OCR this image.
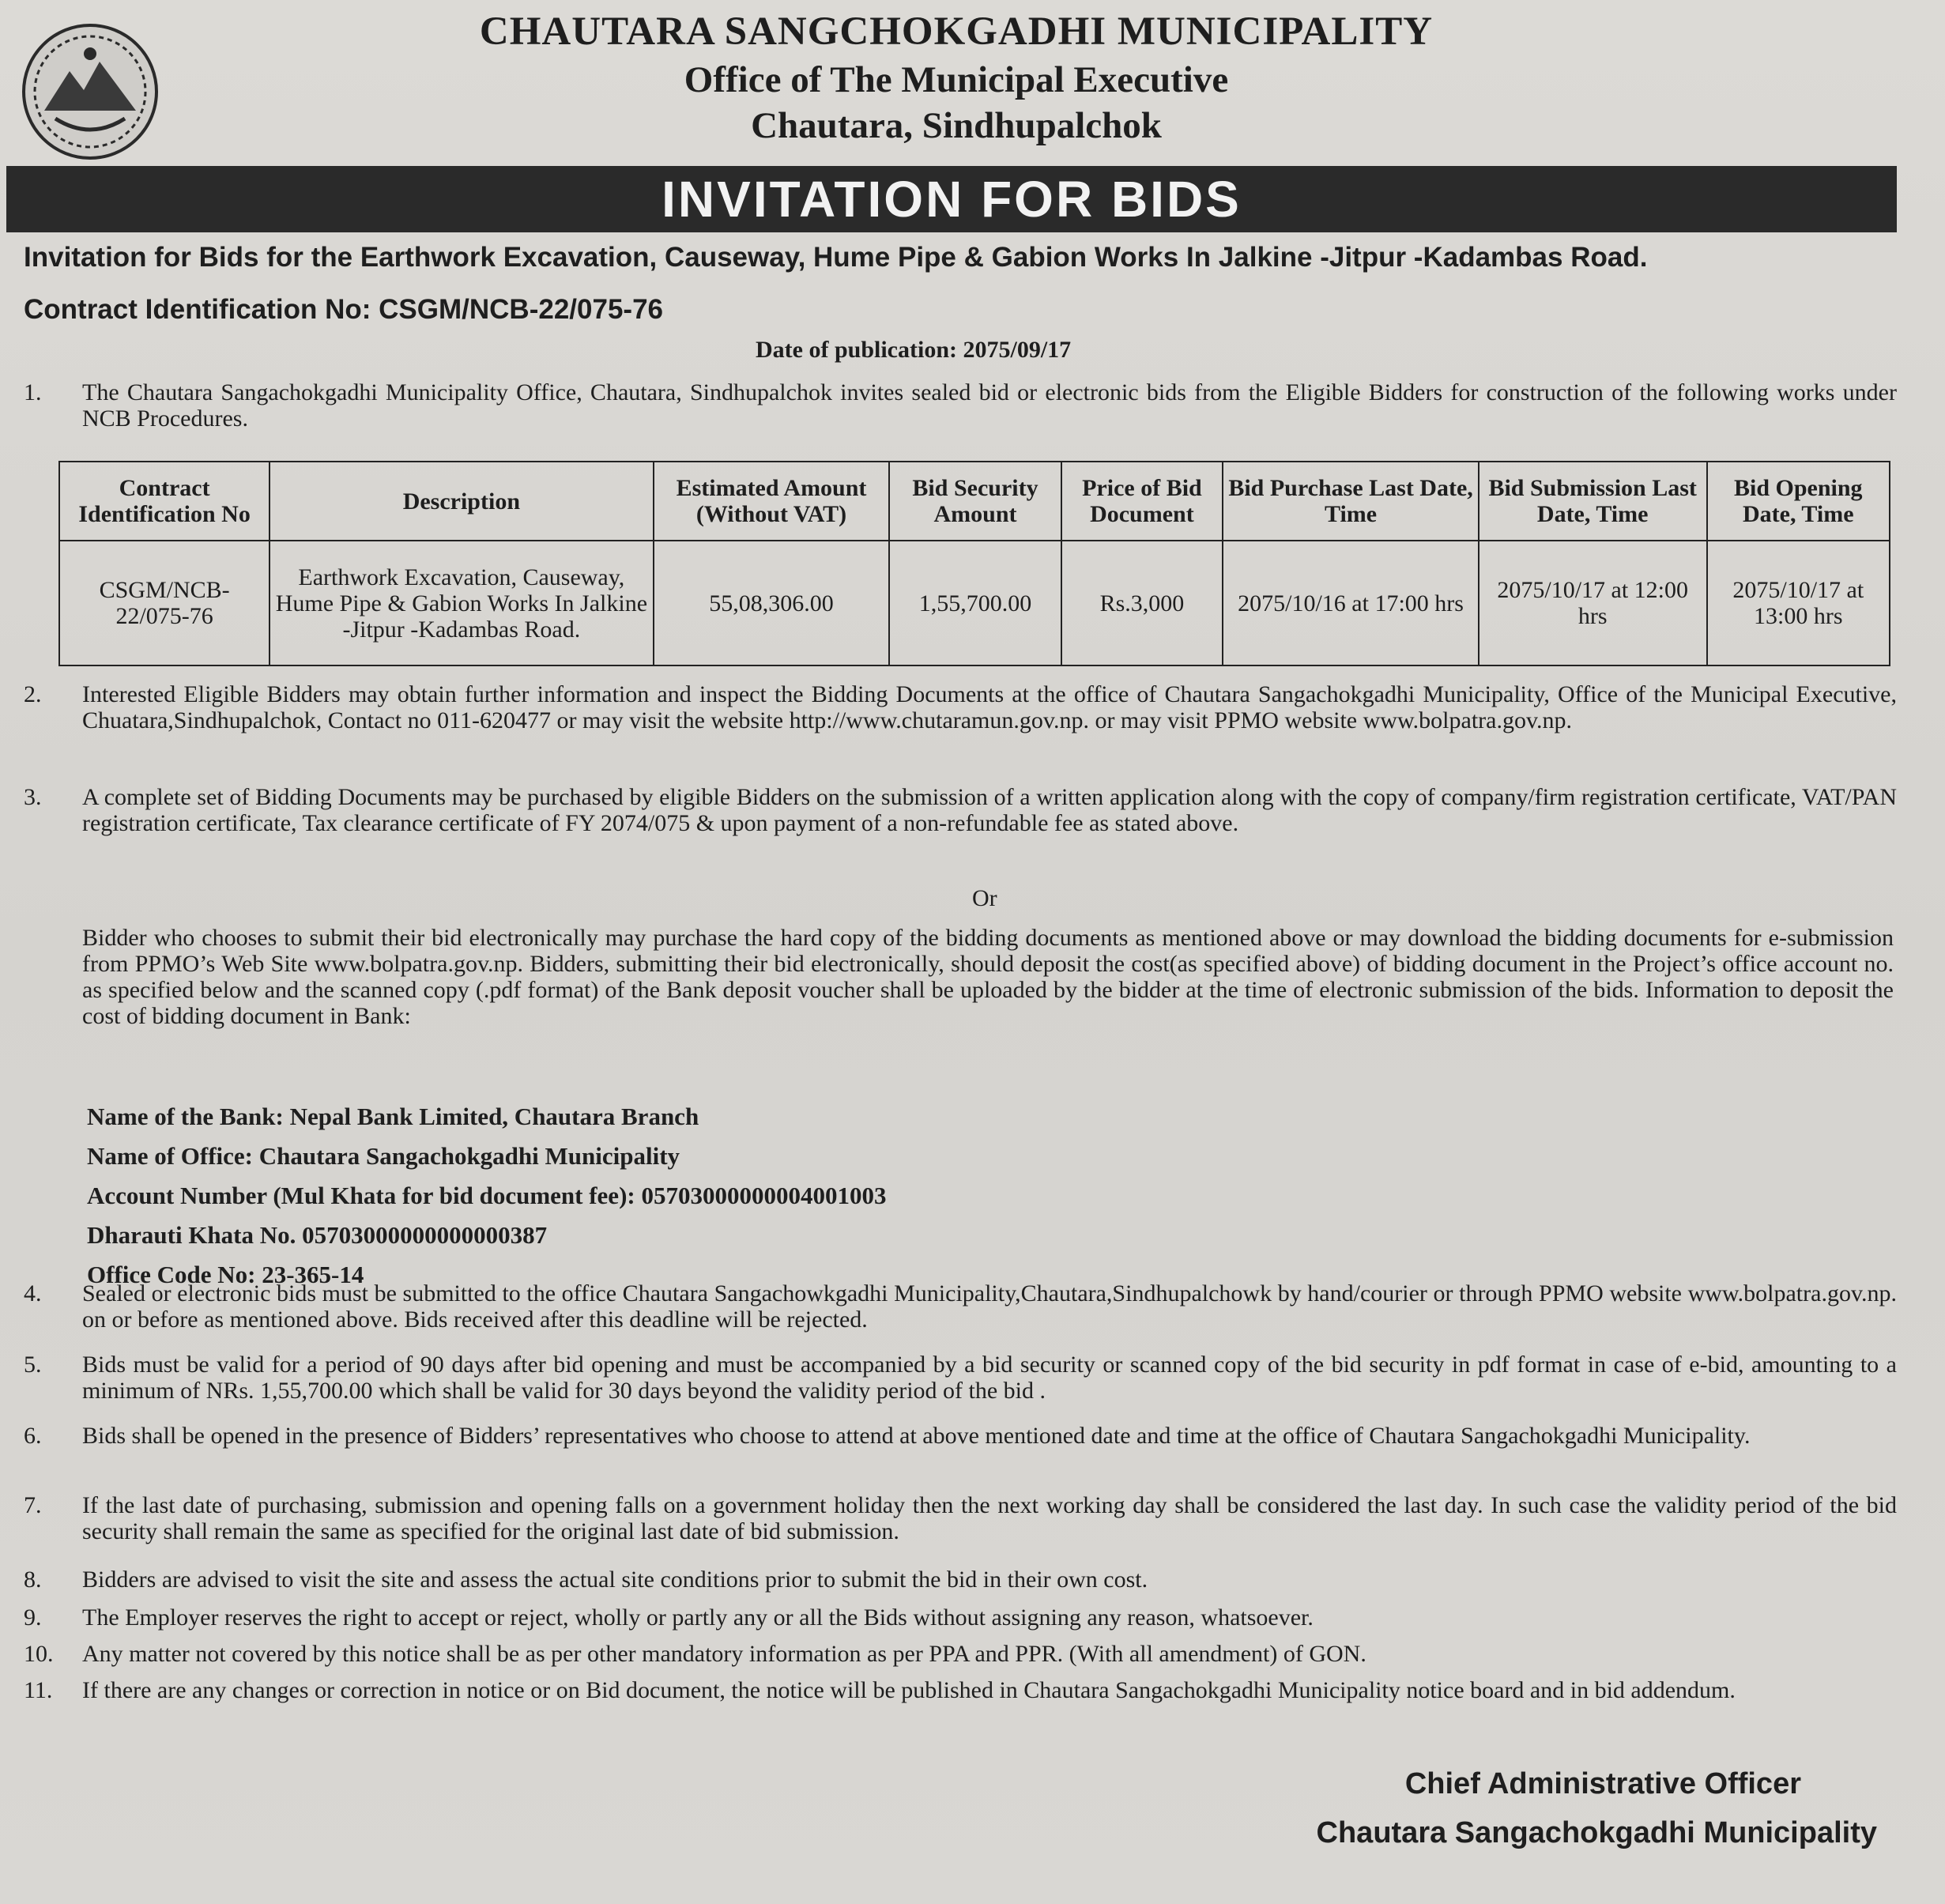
CHAUTARA SANGCHOKGADHI MUNICIPALITY
Office of The Municipal Executive
Chautara, Sindhupalchok
INVITATION FOR BIDS
Invitation for Bids for the Earthwork Excavation, Causeway, Hume Pipe & Gabion Works In Jalkine -Jitpur -Kadambas Road.
Contract Identification No: CSGM/NCB-22/075-76
Date of publication: 2075/09/17
1.	The Chautara Sangachokgadhi Municipality Office, Chautara, Sindhupalchok invites sealed bid or electronic bids from the Eligible Bidders for construction of the following works under NCB Procedures.
Contract Identification No	Description	Estimated Amount (Without VAT)	Bid Security Amount	Price of Bid Document	Bid Purchase Last Date, Time	Bid Submission Last Date, Time	Bid Opening Date, Time
CSGM/NCB-22/075-76	Earthwork Excavation, Causeway, Hume Pipe & Gabion Works In Jalkine -Jitpur -Kadambas Road.	55,08,306.00	1,55,700.00	Rs.3,000	2075/10/16 at 17:00 hrs	2075/10/17 at 12:00 hrs	2075/10/17 at 13:00 hrs
2.	Interested Eligible Bidders may obtain further information and inspect the Bidding Documents at the office of Chautara Sangachokgadhi Municipality, Office of the Municipal Executive, Chuatara,Sindhupalchok, Contact no 011-620477 or may visit the website http://www.chutaramun.gov.np. or may visit PPMO website www.bolpatra.gov.np.
3.	A complete set of Bidding Documents may be purchased by eligible Bidders on the submission of a written application along with the copy of company/firm registration certificate, VAT/PAN registration certificate, Tax clearance certificate of FY 2074/075 & upon payment of a non-refundable fee as stated above.
Or
Bidder who chooses to submit their bid electronically may purchase the hard copy of the bidding documents as mentioned above or may download the bidding documents for e-submission from PPMO’s Web Site www.bolpatra.gov.np. Bidders, submitting their bid electronically, should deposit the cost(as specified above) of bidding document in the Project’s office account no. as specified below and the scanned copy (.pdf format) of the Bank deposit voucher shall be uploaded by the bidder at the time of electronic submission of the bids. Information to deposit the cost of bidding document in Bank:
Name of the Bank: Nepal Bank Limited, Chautara Branch
Name of Office: Chautara Sangachokgadhi Municipality
Account Number (Mul Khata for bid document fee): 05703000000004001003
Dharauti Khata No. 05703000000000000387
Office Code No: 23-365-14
4.	Sealed or electronic bids must be submitted to the office Chautara Sangachowkgadhi Municipality,Chautara,Sindhupalchowk by hand/courier or through PPMO website www.bolpatra.gov.np. on or before as mentioned above. Bids received after this deadline will be rejected.
5.	Bids must be valid for a period of 90 days after bid opening and must be accompanied by a bid security or scanned copy of the bid security in pdf format in case of e-bid, amounting to a minimum of NRs. 1,55,700.00 which shall be valid for 30 days beyond the validity period of the bid .
6.	Bids shall be opened in the presence of Bidders’ representatives who choose to attend at above mentioned date and time at the office of Chautara Sangachokgadhi Municipality.
7.	If the last date of purchasing, submission and opening falls on a government holiday then the next working day shall be considered the last day. In such case the validity period of the bid security shall remain the same as specified for the original last date of bid submission.
8.	Bidders are advised to visit the site and assess the actual site conditions prior to submit the bid in their own cost.
9.	The Employer reserves the right to accept or reject, wholly or partly any or all the Bids without assigning any reason, whatsoever.
10.	Any matter not covered by this notice shall be as per other mandatory information as per PPA and PPR. (With all amendment) of GON.
11.	If there are any changes or correction in notice or on Bid document, the notice will be published in Chautara Sangachokgadhi Municipality notice board and in bid addendum.
Chief Administrative Officer
Chautara Sangachokgadhi Municipality
